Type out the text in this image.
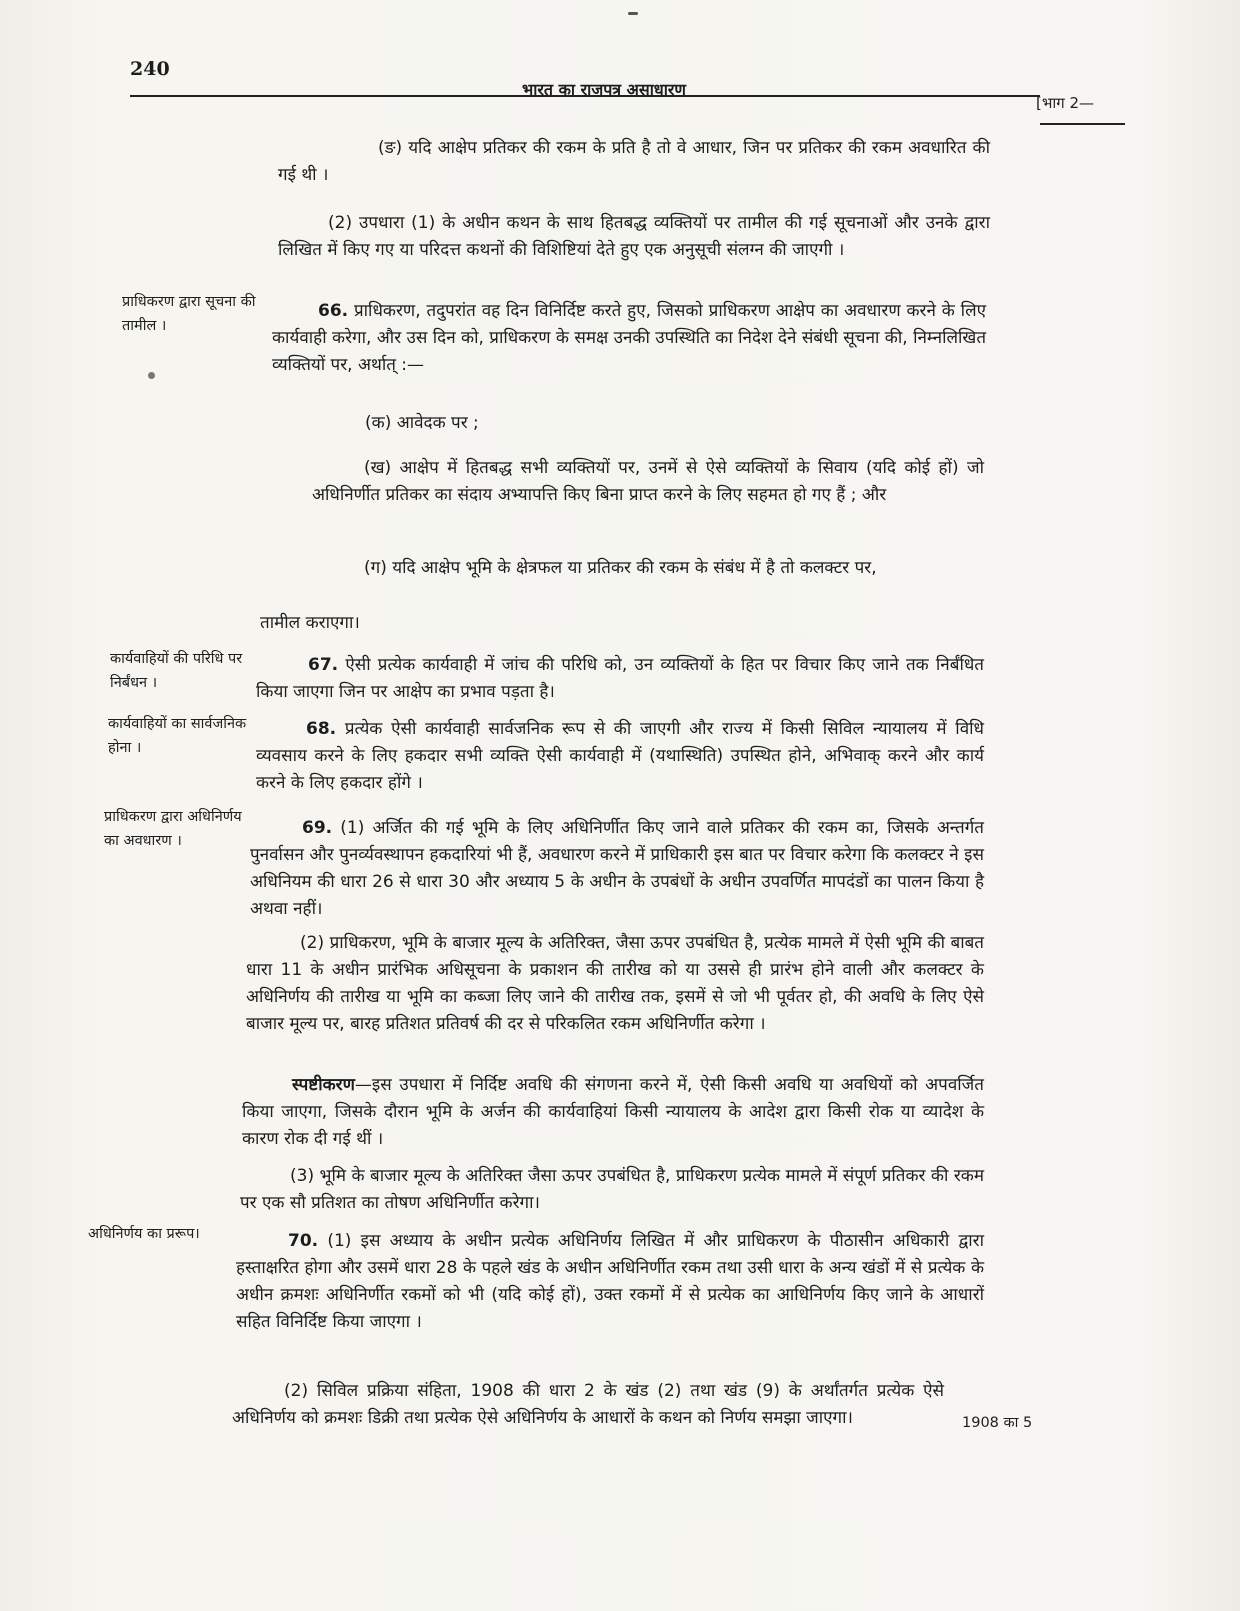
240
भारत का राजपत्र असाधारण
[भाग 2—
(ङ) यदि आक्षेप प्रतिकर की रकम के प्रति है तो वे आधार, जिन पर प्रतिकर की रकम अवधारित की गई थी ।
(2) उपधारा (1) के अधीन कथन के साथ हितबद्ध व्यक्तियों पर तामील की गई सूचनाओं और उनके द्वारा लिखित में किए गए या परिदत्त कथनों की विशिष्टियां देते हुए एक अनुसूची संलग्न की जाएगी ।
प्राधिकरण द्वारा सूचना की तामील ।
66. प्राधिकरण, तदुपरांत वह दिन विनिर्दिष्ट करते हुए, जिसको प्राधिकरण आक्षेप का अवधारण करने के लिए कार्यवाही करेगा, और उस दिन को, प्राधिकरण के समक्ष उनकी उपस्थिति का निदेश देने संबंधी सूचना की, निम्नलिखित व्यक्तियों पर, अर्थात् :—
(क) आवेदक पर ;
(ख) आक्षेप में हितबद्ध सभी व्यक्तियों पर, उनमें से ऐसे व्यक्तियों के सिवाय (यदि कोई हों) जो अधिनिर्णीत प्रतिकर का संदाय अभ्यापत्ति किए बिना प्राप्त करने के लिए सहमत हो गए हैं ; और
(ग) यदि आक्षेप भूमि के क्षेत्रफल या प्रतिकर की रकम के संबंध में है तो कलक्टर पर,
तामील कराएगा।
कार्यवाहियों की परिधि पर निर्बंधन ।
67. ऐसी प्रत्येक कार्यवाही में जांच की परिधि को, उन व्यक्तियों के हित पर विचार किए जाने तक निर्बंधित किया जाएगा जिन पर आक्षेप का प्रभाव पड़ता है।
कार्यवाहियों का सार्वजनिक होना ।
68. प्रत्येक ऐसी कार्यवाही सार्वजनिक रूप से की जाएगी और राज्य में किसी सिविल न्यायालय में विधि व्यवसाय करने के लिए हकदार सभी व्यक्ति ऐसी कार्यवाही में (यथास्थिति) उपस्थित होने, अभिवाक् करने और कार्य करने के लिए हकदार होंगे ।
प्राधिकरण द्वारा अधिनिर्णय का अवधारण ।
69. (1) अर्जित की गई भूमि के लिए अधिनिर्णीत किए जाने वाले प्रतिकर की रकम का, जिसके अन्तर्गत पुनर्वासन और पुनर्व्यवस्थापन हकदारियां भी हैं, अवधारण करने में प्राधिकारी इस बात पर विचार करेगा कि कलक्टर ने इस अधिनियम की धारा 26 से धारा 30 और अध्याय 5 के अधीन के उपबंधों के अधीन उपवर्णित मापदंडों का पालन किया है अथवा नहीं।
(2) प्राधिकरण, भूमि के बाजार मूल्य के अतिरिक्त, जैसा ऊपर उपबंधित है, प्रत्येक मामले में ऐसी भूमि की बाबत धारा 11 के अधीन प्रारंभिक अधिसूचना के प्रकाशन की तारीख को या उससे ही प्रारंभ होने वाली और कलक्टर के अधिनिर्णय की तारीख या भूमि का कब्जा लिए जाने की तारीख तक, इसमें से जो भी पूर्वतर हो, की अवधि के लिए ऐसे बाजार मूल्य पर, बारह प्रतिशत प्रतिवर्ष की दर से परिकलित रकम अधिनिर्णीत करेगा ।
स्पष्टीकरण—इस उपधारा में निर्दिष्ट अवधि की संगणना करने में, ऐसी किसी अवधि या अवधियों को अपवर्जित किया जाएगा, जिसके दौरान भूमि के अर्जन की कार्यवाहियां किसी न्यायालय के आदेश द्वारा किसी रोक या व्यादेश के कारण रोक दी गई थीं ।
(3) भूमि के बाजार मूल्य के अतिरिक्त जैसा ऊपर उपबंधित है, प्राधिकरण प्रत्येक मामले में संपूर्ण प्रतिकर की रकम पर एक सौ प्रतिशत का तोषण अधिनिर्णीत करेगा।
अधिनिर्णय का प्ररूप।	70. (1) इस अध्याय के अधीन प्रत्येक अधिनिर्णय लिखित में और प्राधिकरण के पीठासीन अधिकारी द्वारा हस्ताक्षरित होगा और उसमें धारा 28 के पहले खंड के अधीन अधिनिर्णीत रकम तथा उसी धारा के अन्य खंडों में से प्रत्येक के अधीन क्रमशः अधिनिर्णीत रकमों को भी (यदि कोई हों), उक्त रकमों में से प्रत्येक का आधिनिर्णय किए जाने के आधारों सहित विनिर्दिष्ट किया जाएगा ।
(2) सिविल प्रक्रिया संहिता, 1908 की धारा 2 के खंड (2) तथा खंड (9) के अर्थांतर्गत प्रत्येक ऐसे अधिनिर्णय को क्रमशः डिक्री तथा प्रत्येक ऐसे अधिनिर्णय के आधारों के कथन को निर्णय समझा जाएगा।	1908 का 5
